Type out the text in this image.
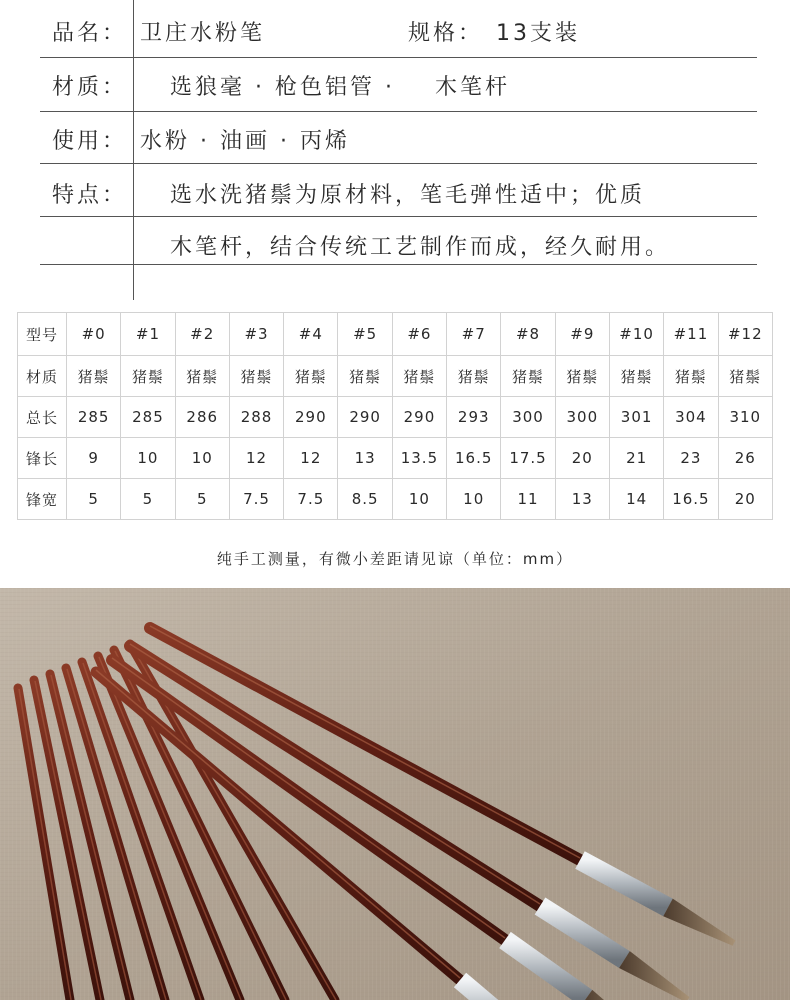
品名： 卫庄水粉笔	规格： 13支装
材质： 选狼毫 · 枪色铝管 ·    木笔杆
使用： 水粉 · 油画 · 丙烯
特点： 选水洗猪鬃为原材料，笔毛弹性适中；优质
木笔杆，结合传统工艺制作而成，经久耐用。
型号	#0	#1	#2	#3	#4	#5	#6	#7	#8	#9	#10	#11	#12
材质	猪鬃	猪鬃	猪鬃	猪鬃	猪鬃	猪鬃	猪鬃	猪鬃	猪鬃	猪鬃	猪鬃	猪鬃	猪鬃
总长	285	285	286	288	290	290	290	293	300	300	301	304	310
锋长	9	10	10	12	12	13	13.5	16.5	17.5	20	21	23	26
锋宽	5	5	5	7.5	7.5	8.5	10	10	11	13	14	16.5	20
纯手工测量，有微小差距请见谅（单位：mm）
